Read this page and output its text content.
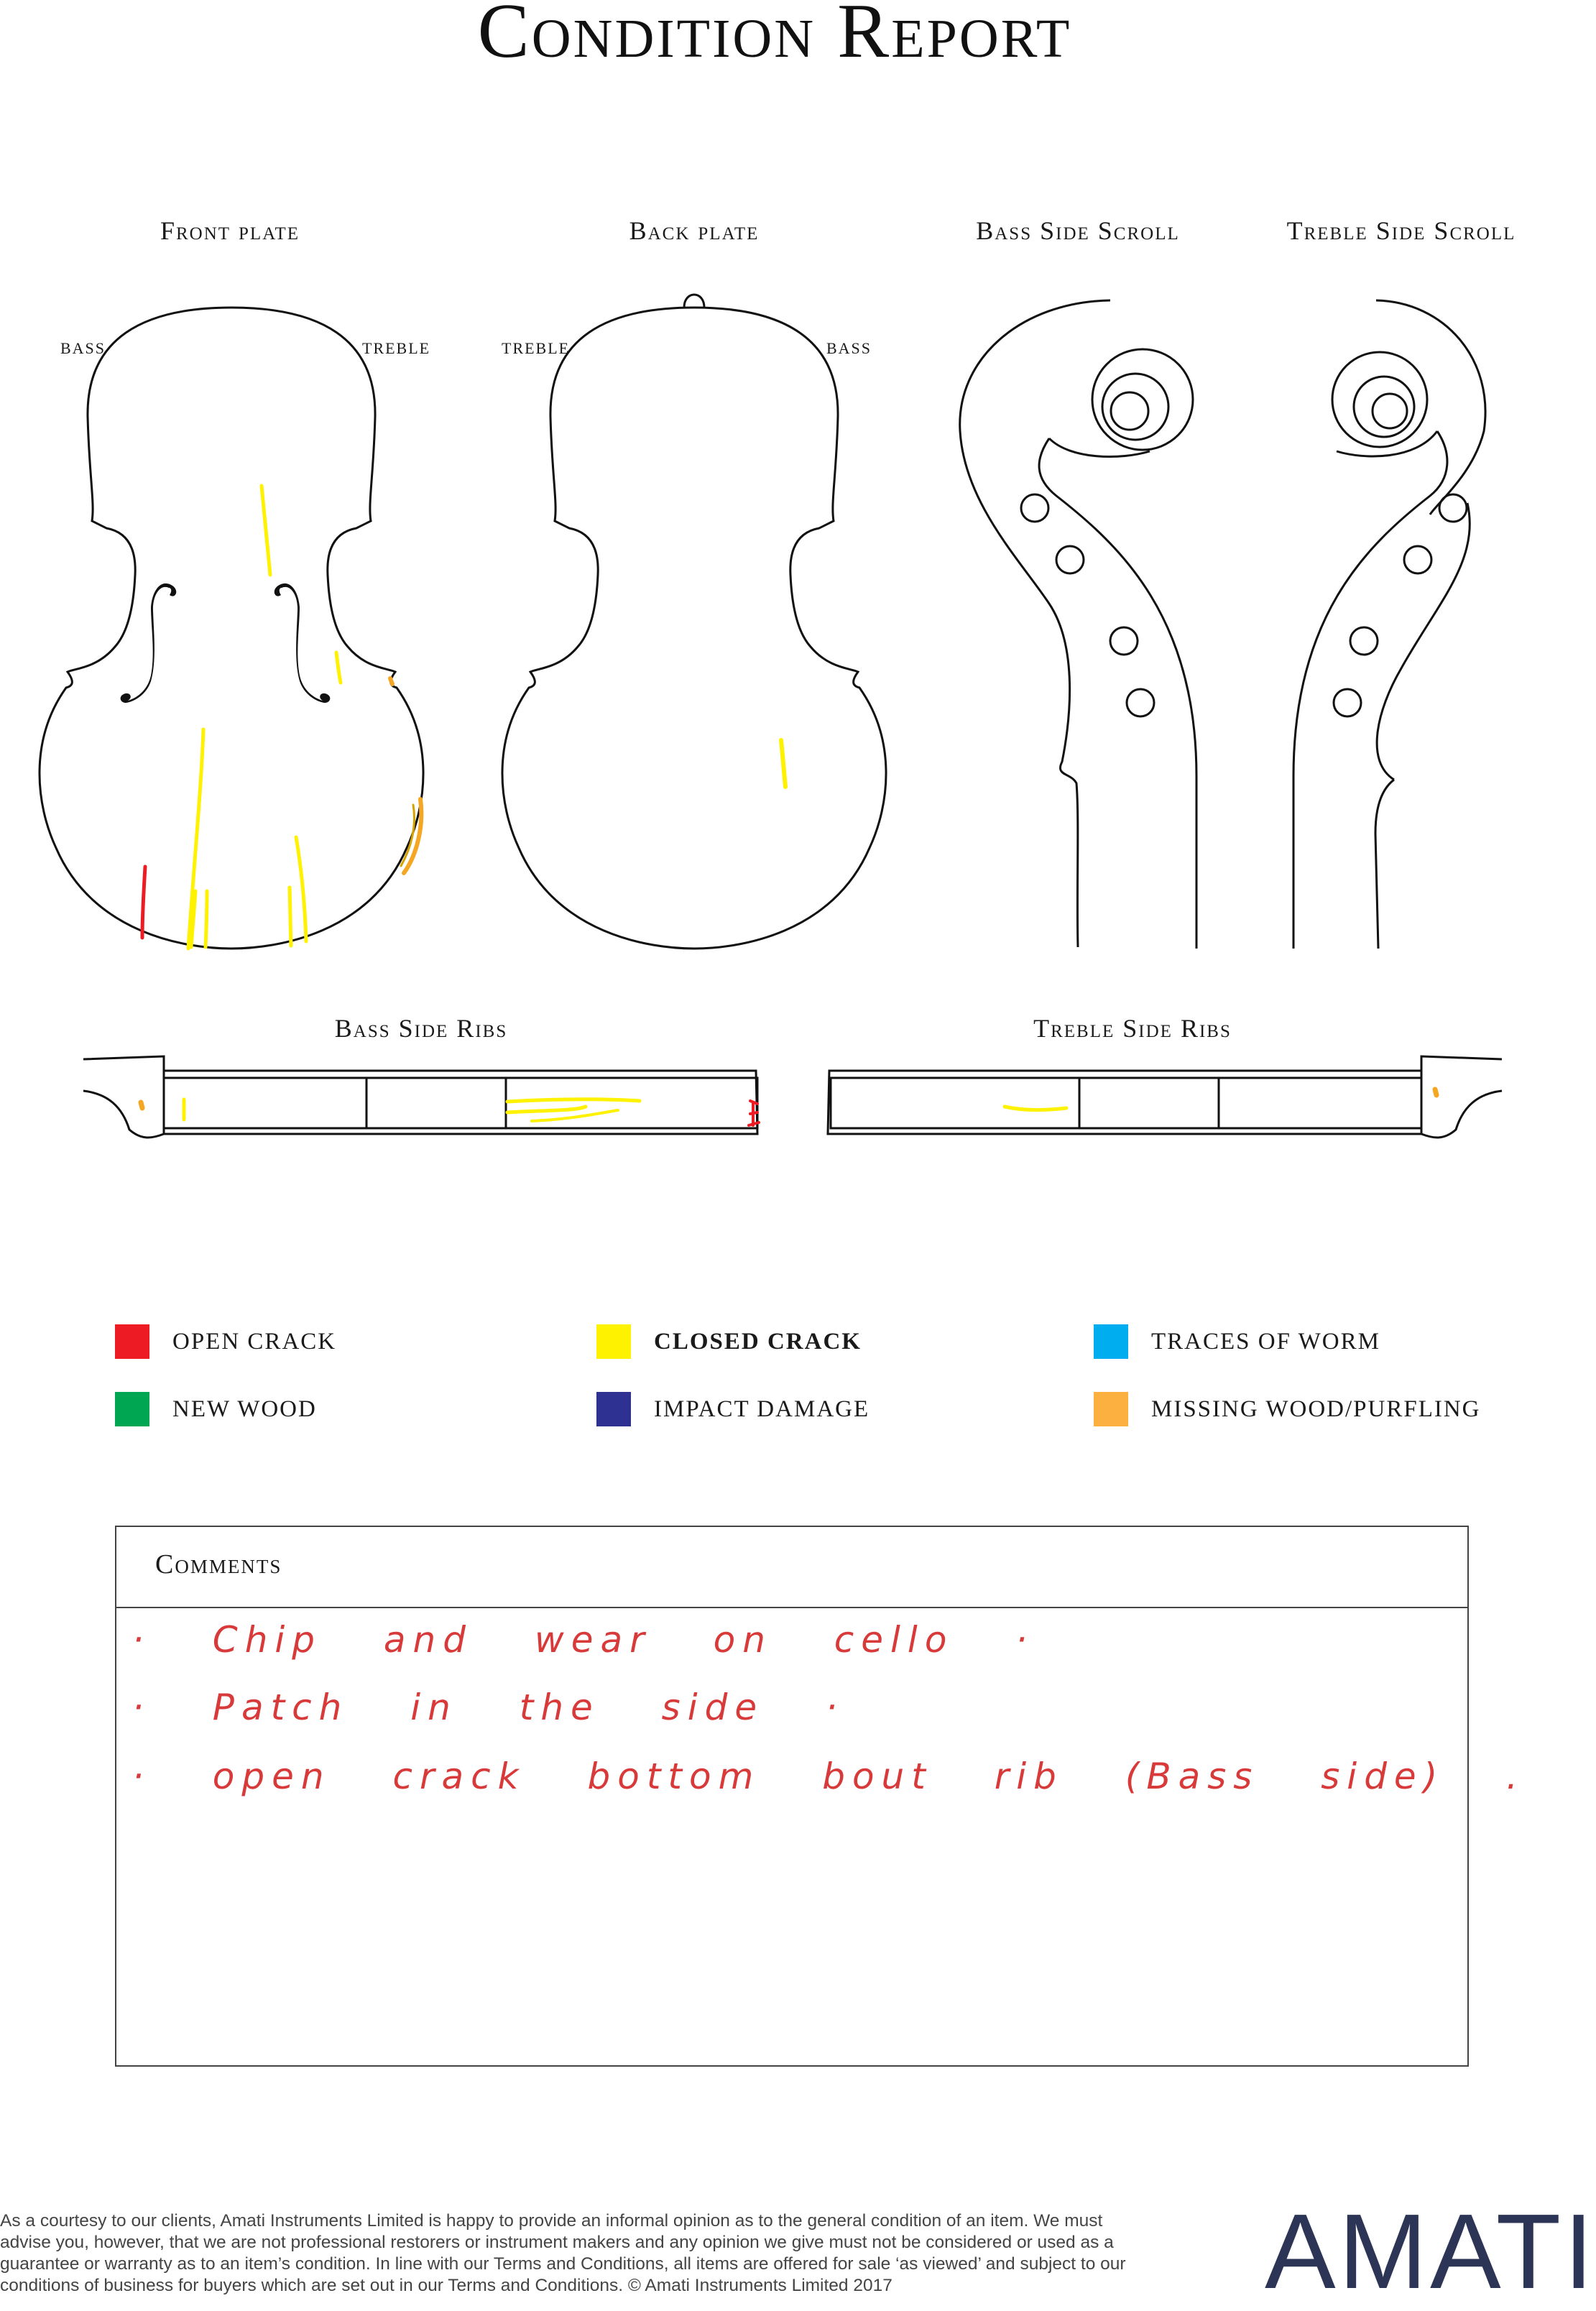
Condition Report
Front plate	Back plate	Bass Side Scroll	Treble Side Scroll
Bass Side Ribs	Treble Side Ribs
BASS	TREBLE	TREBLE	BASS
OPEN CRACK	CLOSED CRACK	TRACES OF WORM
NEW WOOD	IMPACT DAMAGE	MISSING WOOD/PURFLING
Comments
· Chip and wear on cello ·
· Patch in the side ·
· open crack bottom bout rib (Bass side) .
As a courtesy to our clients, Amati Instruments Limited is happy to provide an informal opinion as to the general condition of an item. We must advise you, however, that we are not professional restorers or instrument makers and any opinion we give must not be considered or used as a guarantee or warranty as to an item’s condition. In line with our Terms and Conditions, all items are offered for sale ‘as viewed’ and subject to our conditions of business for buyers which are set out in our Terms and Conditions. © Amati Instruments Limited 2017	AMATI
